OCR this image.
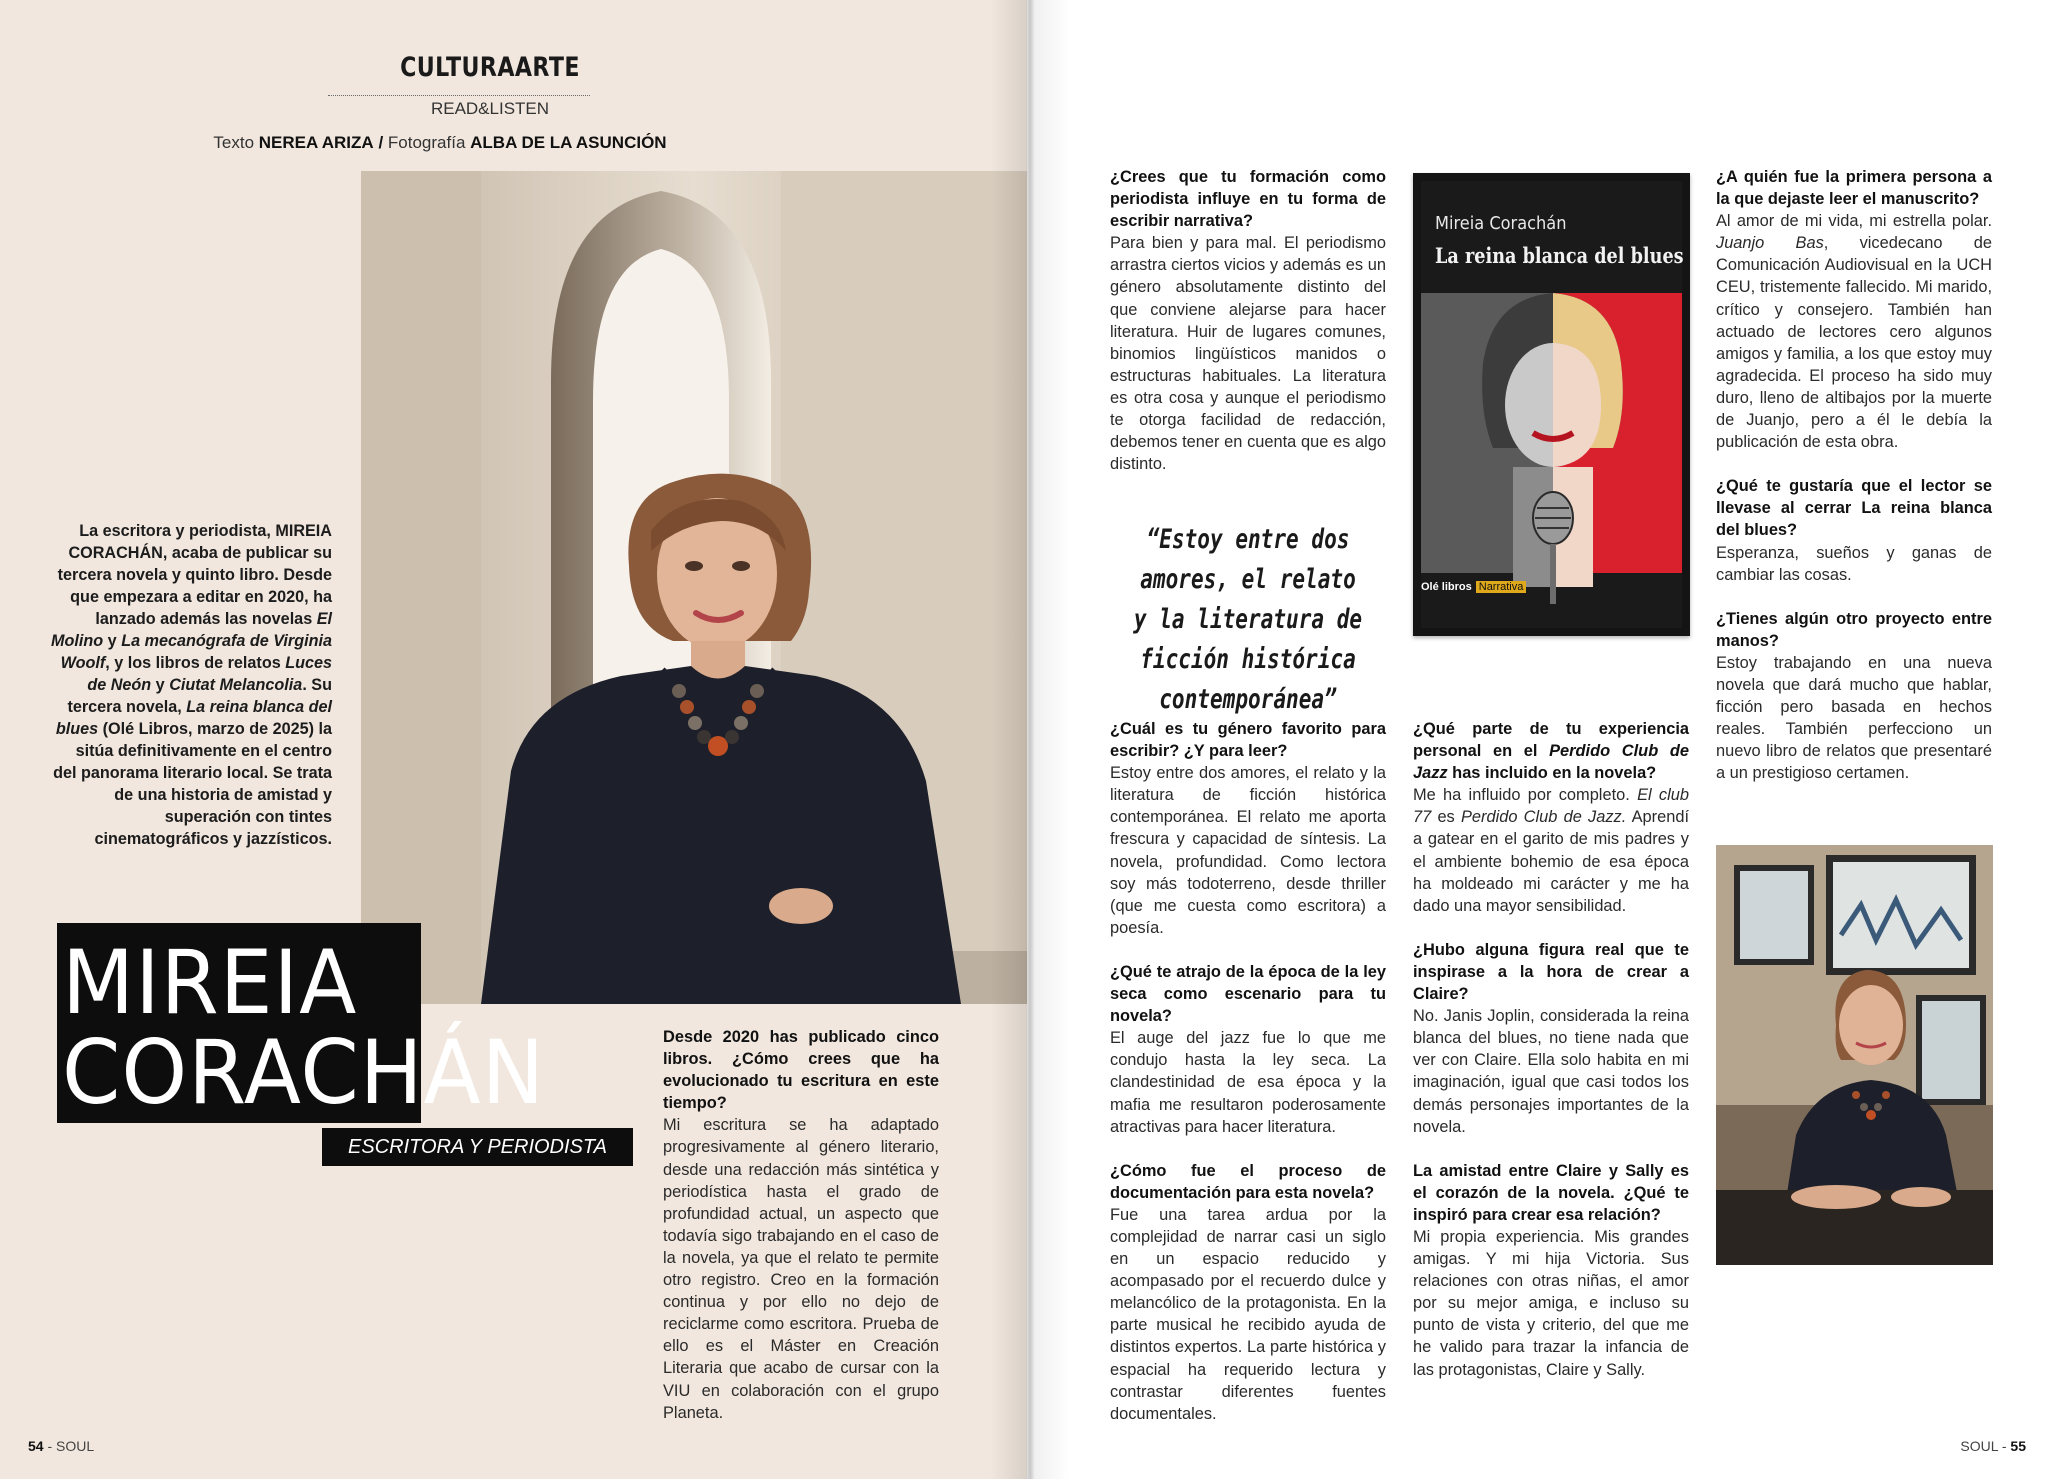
CULTURAARTE
READ&LISTEN
Texto NEREA ARIZA / Fotografía ALBA DE LA ASUNCIÓN

La escritora y periodista, MIREIA CORACHÁN, acaba de publicar su tercera novela y quinto libro. Desde que empezara a editar en 2020, ha lanzado además las novelas El Molino y La mecanógrafa de Virginia Woolf, y los libros de relatos Luces de Neón y Ciutat Melancolia. Su tercera novela, La reina blanca del blues (Olé Libros, marzo de 2025) la sitúa definitivamente en el centro del panorama literario local. Se trata de una historia de amistad y superación con tintes cinematográficos y jazzísticos.

MIREIA
CORACHÁN
ESCRITORA Y PERIODISTA

Desde 2020 has publicado cinco libros. ¿Cómo crees que ha evolucionado tu escritura en este tiempo?

Mi escritura se ha adaptado progresivamente al género literario, desde una redacción más sintética y periodística hasta el grado de profundidad actual, un aspecto que todavía sigo trabajando en el caso de la novela, ya que el relato te permite otro registro. Creo en la formación continua y por ello no dejo de reciclarme como escritora. Prueba de ello es el Máster en Creación Literaria que acabo de cursar con la VIU en colaboración con el grupo Planeta.

¿Crees que tu formación como periodista influye en tu forma de escribir narrativa?

Para bien y para mal. El periodismo arrastra ciertos vicios y además es un género absolutamente distinto del que conviene alejarse para hacer literatura. Huir de lugares comunes, binomios lingüísticos manidos o estructuras habituales. La literatura es otra cosa y aunque el periodismo te otorga facilidad de redacción, debemos tener en cuenta que es algo distinto.

“Estoy entre dos amores, el relato y la literatura de ficción histórica contemporánea”
Mireia Corachán
La reina blanca del blues
Olé libros Narrativa

¿Cuál es tu género favorito para escribir? ¿Y para leer?

Estoy entre dos amores, el relato y la literatura de ficción histórica contemporánea. El relato me aporta frescura y capacidad de síntesis. La novela, profundidad. Como lectora soy más todoterreno, desde thriller (que me cuesta como escritora) a poesía.

¿Qué te atrajo de la época de la ley seca como escenario para tu novela?

El auge del jazz fue lo que me condujo hasta la ley seca. La clandestinidad de esa época y la mafia me resultaron poderosamente atractivas para hacer literatura.

¿Cómo fue el proceso de documentación para esta novela?

Fue una tarea ardua por la complejidad de narrar casi un siglo en un espacio reducido y acompasado por el recuerdo dulce y melancólico de la protagonista. En la parte musical he recibido ayuda de distintos expertos. La parte histórica y espacial ha requerido lectura y contrastar diferentes fuentes documentales.

¿Qué parte de tu experiencia personal en el Perdido Club de Jazz has incluido en la novela?

Me ha influido por completo. El club 77 es Perdido Club de Jazz. Aprendí a gatear en el garito de mis padres y el ambiente bohemio de esa época ha moldeado mi carácter y me ha dado una mayor sensibilidad.

¿Hubo alguna figura real que te inspirase a la hora de crear a Claire?

No. Janis Joplin, considerada la reina blanca del blues, no tiene nada que ver con Claire. Ella solo habita en mi imaginación, igual que casi todos los demás personajes importantes de la novela.

La amistad entre Claire y Sally es el corazón de la novela. ¿Qué te inspiró para crear esa relación?

Mi propia experiencia. Mis grandes amigas. Y mi hija Victoria. Sus relaciones con otras niñas, el amor por su mejor amiga, e incluso su punto de vista y criterio, del que me he valido para trazar la infancia de las protagonistas, Claire y Sally.

¿A quién fue la primera persona a la que dejaste leer el manuscrito?

Al amor de mi vida, mi estrella polar. Juanjo Bas, vicedecano de Comunicación Audiovisual en la UCH CEU, tristemente fallecido. Mi marido, crítico y consejero. También han actuado de lectores cero algunos amigos y familia, a los que estoy muy agradecida. El proceso ha sido muy duro, lleno de altibajos por la muerte de Juanjo, pero a él le debía la publicación de esta obra.

¿Qué te gustaría que el lector se llevase al cerrar La reina blanca del blues?

Esperanza, sueños y ganas de cambiar las cosas.

¿Tienes algún otro proyecto entre manos?

Estoy trabajando en una nueva novela que dará mucho que hablar, ficción pero basada en hechos reales. También perfecciono un nuevo libro de relatos que presentaré a un prestigioso certamen.

54 - SOUL	SOUL - 55
